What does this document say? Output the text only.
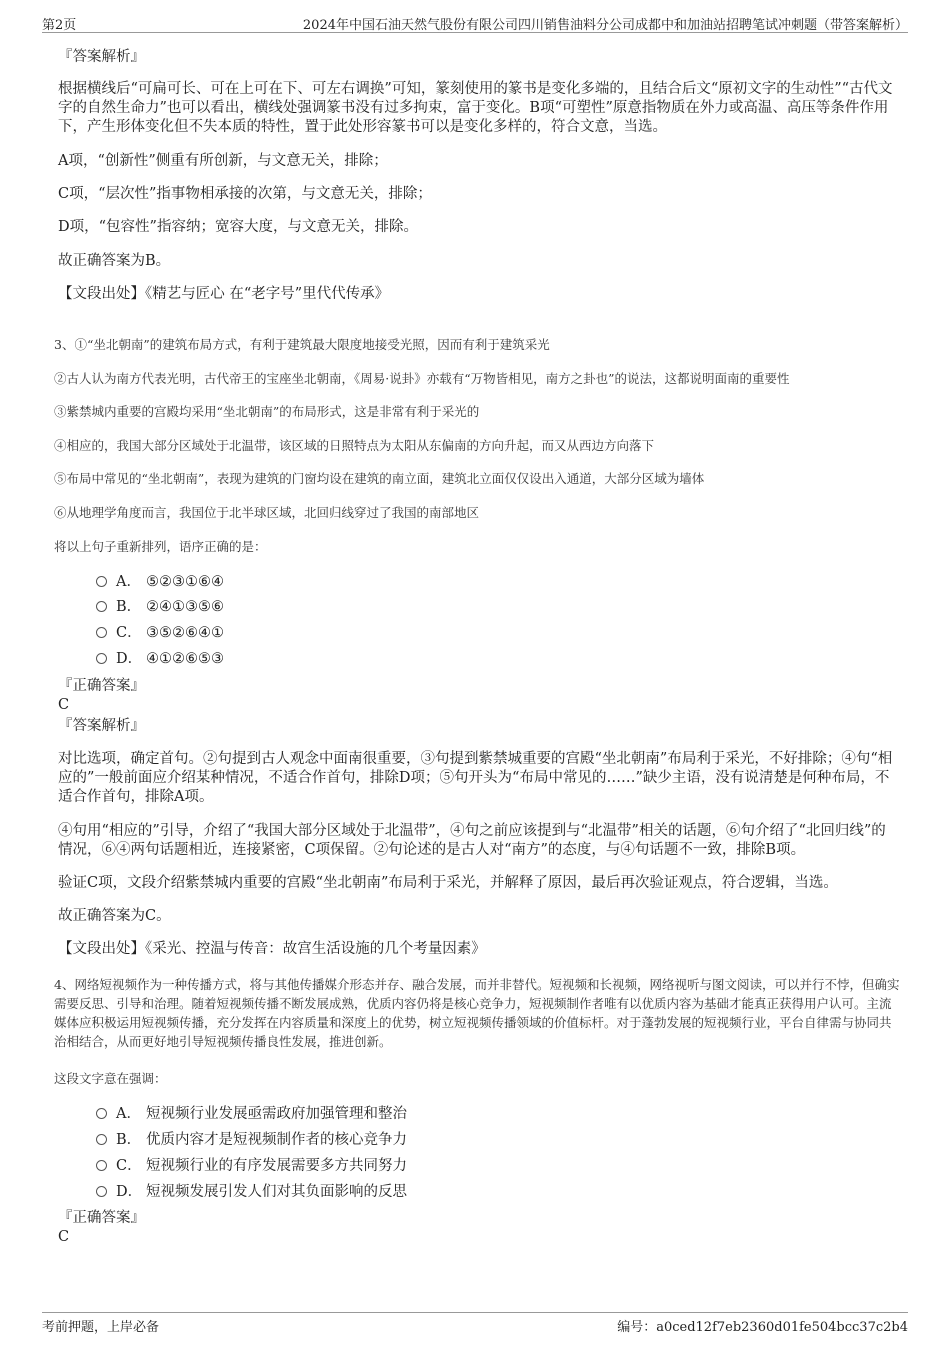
第2页	2024年中国石油天然气股份有限公司四川销售油料分公司成都中和加油站招聘笔试冲刺题（带答案解析）
『答案解析』
根据横线后“可扁可长、可在上可在下、可左右调换”可知，篆刻使用的篆书是变化多端的，且结合后文“原初文字的生动性”“古代文字的自然生命力”也可以看出，横线处强调篆书没有过多拘束，富于变化。B项“可塑性”原意指物质在外力或高温、高压等条件作用下，产生形体变化但不失本质的特性，置于此处形容篆书可以是变化多样的，符合文意，当选。
A项，“创新性”侧重有所创新，与文意无关，排除；
C项，“层次性”指事物相承接的次第，与文意无关，排除；
D项，“包容性”指容纳；宽容大度，与文意无关，排除。
故正确答案为B。
【文段出处】《精艺与匠心 在“老字号”里代代传承》
3、①“坐北朝南”的建筑布局方式，有利于建筑最大限度地接受光照，因而有利于建筑采光
②古人认为南方代表光明，古代帝王的宝座坐北朝南，《周易·说卦》亦载有“万物皆相见，南方之卦也”的说法，这都说明面南的重要性
③紫禁城内重要的宫殿均采用“坐北朝南”的布局形式，这是非常有利于采光的
④相应的，我国大部分区域处于北温带，该区域的日照特点为太阳从东偏南的方向升起，而又从西边方向落下
⑤布局中常见的“坐北朝南”，表现为建筑的门窗均设在建筑的南立面，建筑北立面仅仅设出入通道，大部分区域为墙体
⑥从地理学角度而言，我国位于北半球区域，北回归线穿过了我国的南部地区
将以上句子重新排列，语序正确的是：
A． ⑤②③①⑥④
B． ②④①③⑤⑥
C． ③⑤②⑥④①
D． ④①②⑥⑤③
『正确答案』
C
『答案解析』
对比选项，确定首句。②句提到古人观念中面南很重要，③句提到紫禁城重要的宫殿“坐北朝南”布局利于采光，不好排除；④句“相应的”一般前面应介绍某种情况，不适合作首句，排除D项；⑤句开头为“布局中常见的……”缺少主语，没有说清楚是何种布局，不适合作首句，排除A项。
④句用“相应的”引导，介绍了“我国大部分区域处于北温带”，④句之前应该提到与“北温带”相关的话题，⑥句介绍了“北回归线”的情况，⑥④两句话题相近，连接紧密，C项保留。②句论述的是古人对“南方”的态度，与④句话题不一致，排除B项。
验证C项，文段介绍紫禁城内重要的宫殿“坐北朝南”布局利于采光，并解释了原因，最后再次验证观点，符合逻辑，当选。
故正确答案为C。
【文段出处】《采光、控温与传音：故宫生活设施的几个考量因素》
4、网络短视频作为一种传播方式，将与其他传播媒介形态并存、融合发展，而并非替代。短视频和长视频，网络视听与图文阅读，可以并行不悖，但确实需要反思、引导和治理。随着短视频传播不断发展成熟，优质内容仍将是核心竞争力，短视频制作者唯有以优质内容为基础才能真正获得用户认可。主流媒体应积极运用短视频传播，充分发挥在内容质量和深度上的优势，树立短视频传播领域的价值标杆。对于蓬勃发展的短视频行业，平台自律需与协同共治相结合，从而更好地引导短视频传播良性发展，推进创新。
这段文字意在强调：
A． 短视频行业发展亟需政府加强管理和整治
B． 优质内容才是短视频制作者的核心竞争力
C． 短视频行业的有序发展需要多方共同努力
D． 短视频发展引发人们对其负面影响的反思
『正确答案』
C
考前押题，上岸必备	编号：a0ced12f7eb2360d01fe504bcc37c2b4
